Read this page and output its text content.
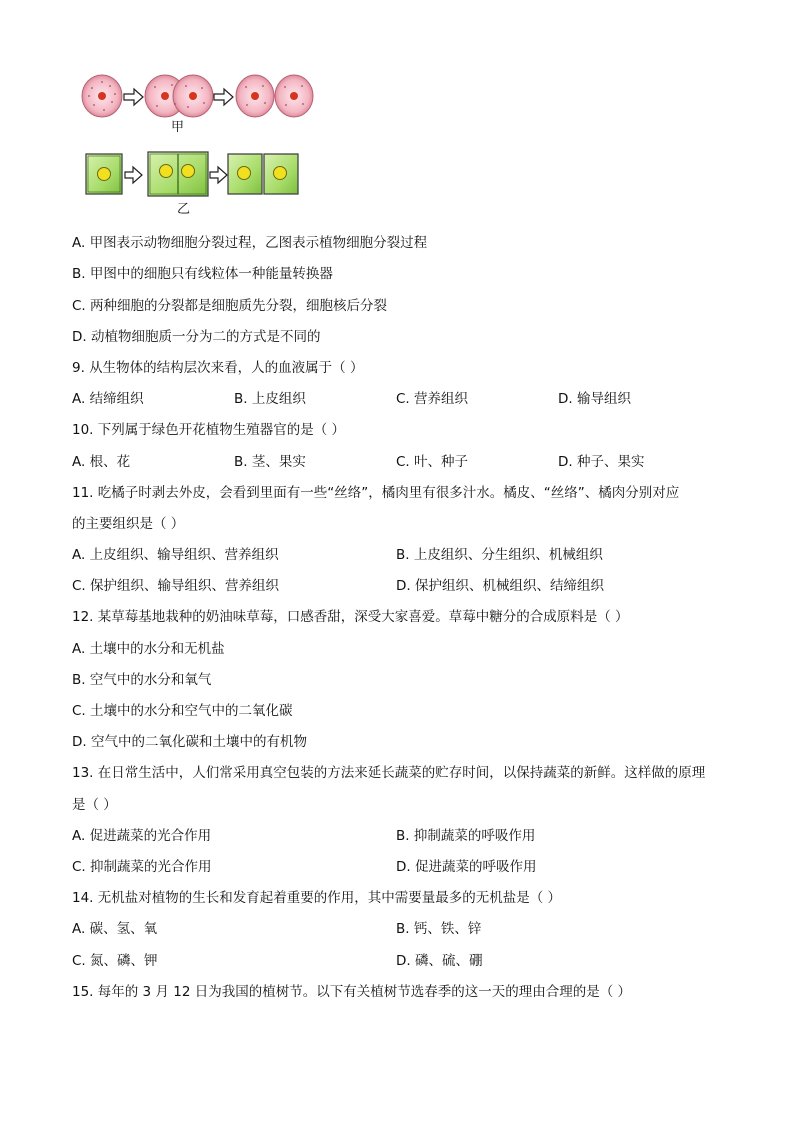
甲
乙
A. 甲图表示动物细胞分裂过程，乙图表示植物细胞分裂过程
B. 甲图中的细胞只有线粒体一种能量转换器
C. 两种细胞的分裂都是细胞质先分裂，细胞核后分裂
D. 动植物细胞质一分为二的方式是不同的
9. 从生物体的结构层次来看，人的血液属于（ ）
A. 结缔组织	B. 上皮组织	C. 营养组织	D. 输导组织
10. 下列属于绿色开花植物生殖器官的是（ ）
A. 根、花	B. 茎、果实	C. 叶、种子	D. 种子、果实
11. 吃橘子时剥去外皮，会看到里面有一些“丝络”，橘肉里有很多汁水。橘皮、“丝络”、橘肉分别对应
的主要组织是（ ）
A. 上皮组织、输导组织、营养组织	B. 上皮组织、分生组织、机械组织
C. 保护组织、输导组织、营养组织	D. 保护组织、机械组织、结缔组织
12. 某草莓基地栽种的奶油味草莓，口感香甜，深受大家喜爱。草莓中糖分的合成原料是（ ）
A. 土壤中的水分和无机盐
B. 空气中的水分和氧气
C. 土壤中的水分和空气中的二氧化碳
D. 空气中的二氧化碳和土壤中的有机物
13. 在日常生活中，人们常采用真空包装的方法来延长蔬菜的贮存时间，以保持蔬菜的新鲜。这样做的原理
是（ ）
A. 促进蔬菜的光合作用	B. 抑制蔬菜的呼吸作用
C. 抑制蔬菜的光合作用	D. 促进蔬菜的呼吸作用
14. 无机盐对植物的生长和发育起着重要的作用，其中需要量最多的无机盐是（ ）
A. 碳、氢、氧	B. 钙、铁、锌
C. 氮、磷、钾	D. 磷、硫、硼
15. 每年的 3 月 12 日为我国的植树节。以下有关植树节选春季的这一天的理由合理的是（ ）
